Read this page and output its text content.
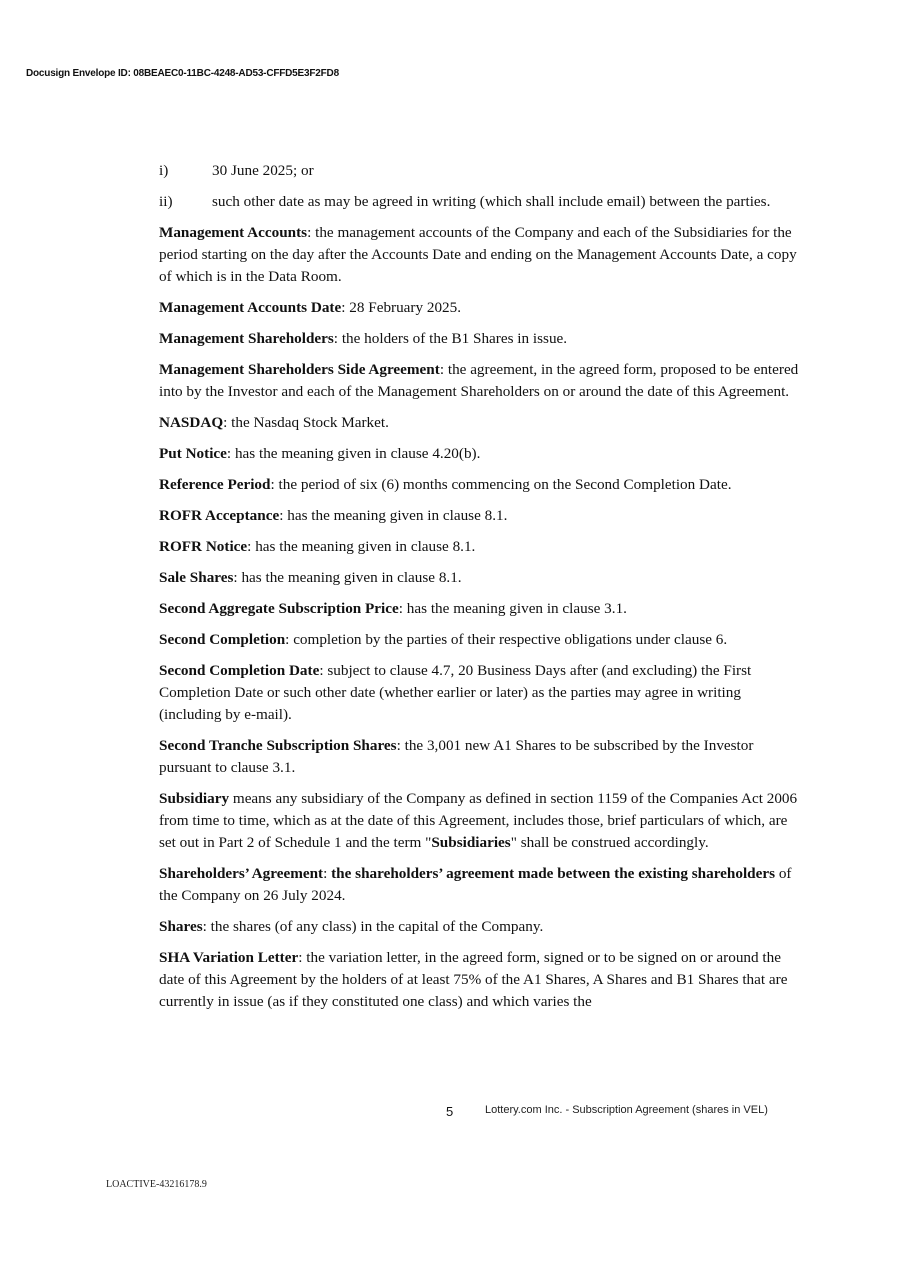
Docusign Envelope ID: 08BEAEC0-11BC-4248-AD53-CFFD5E3F2FD8
i)	30 June 2025; or
ii)	such other date as may be agreed in writing (which shall include email) between the parties.

Management Accounts: the management accounts of the Company and each of the Subsidiaries for the period starting on the day after the Accounts Date and ending on the Management Accounts Date, a copy of which is in the Data Room.

Management Accounts Date: 28 February 2025.

Management Shareholders: the holders of the B1 Shares in issue.

Management Shareholders Side Agreement: the agreement, in the agreed form, proposed to be entered into by the Investor and each of the Management Shareholders on or around the date of this Agreement.

NASDAQ: the Nasdaq Stock Market.

Put Notice: has the meaning given in clause 4.20(b).

Reference Period: the period of six (6) months commencing on the Second Completion Date.

ROFR Acceptance: has the meaning given in clause 8.1.

ROFR Notice: has the meaning given in clause 8.1.

Sale Shares: has the meaning given in clause 8.1.

Second Aggregate Subscription Price: has the meaning given in clause 3.1.

Second Completion: completion by the parties of their respective obligations under clause 6.

Second Completion Date: subject to clause 4.7, 20 Business Days after (and excluding) the First Completion Date or such other date (whether earlier or later) as the parties may agree in writing (including by e-mail).

Second Tranche Subscription Shares: the 3,001 new A1 Shares to be subscribed by the Investor pursuant to clause 3.1.

Subsidiary means any subsidiary of the Company as defined in section 1159 of the Companies Act 2006 from time to time, which as at the date of this Agreement, includes those, brief particulars of which, are set out in Part 2 of Schedule 1 and the term "Subsidiaries" shall be construed accordingly.

Shareholders’ Agreement: the shareholders’ agreement made between the existing shareholders of the Company on 26 July 2024.

Shares: the shares (of any class) in the capital of the Company.

SHA Variation Letter: the variation letter, in the agreed form, signed or to be signed on or around the date of this Agreement by the holders of at least 75% of the A1 Shares, A Shares and B1 Shares that are currently in issue (as if they constituted one class) and which varies the

5	Lottery.com Inc. - Subscription Agreement (shares in VEL)
LOACTIVE-43216178.9
